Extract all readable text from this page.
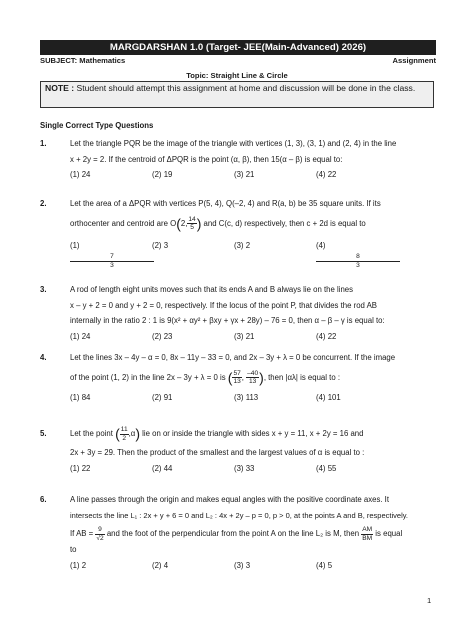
MARGDARSHAN 1.0 (Target- JEE(Main-Advanced) 2026)
SUBJECT: Mathematics	Assignment
Topic: Straight Line & Circle
NOTE : Student should attempt this assignment at home and discussion will be done in the class.
Single Correct Type Questions
1.	Let the triangle PQR be the image of the triangle with vertices (1, 3), (3, 1) and (2, 4) in the line
x + 2y = 2. If the centroid of ΔPQR is the point (α, β), then 15(α – β) is equal to:
(1) 24	(2) 19	(3) 21	(4) 22
2.	Let the area of a ΔPQR with vertices P(5, 4), Q(–2, 4) and R(a, b) be 35 square units. If its
orthocenter and centroid are O(2, $\frac{14}{5}$ ) and C(c, d) respectively, then c + 2d is equal to
(1)
$\frac{7}{3}$
(2) 3	(3) 2	(4)
$\frac{8}{3}$
3.	A rod of length eight units moves such that its ends A and B always lie on the lines
x – y + 2 = 0 and y + 2 = 0, respectively. If the locus of the point P, that divides the rod AB
internally in the ratio 2 : 1 is 9(x² + αy² + βxy + γx + 28y) – 76 = 0, then α – β – γ is equal to:
(1) 24	(2) 23	(3) 21	(4) 22
4.	Let the lines 3x – 4y – α = 0, 8x – 11y – 33 = 0, and 2x – 3y + λ = 0 be concurrent. If the image
of the point (1, 2) in the line 2x – 3y + λ = 0 is ( $\frac{57}{13}$ , $\frac{-40}{13}$ ), then |αλ| is equal to :
(1) 84	(2) 91	(3) 113	(4) 101
5.	Let the point ( $\frac{11}{2} ,\alpha$) lie on or inside the triangle with sides x + y = 11, x + 2y = 16 and
2x + 3y = 29. Then the product of the smallest and the largest values of α is equal to :
(1) 22	(2) 44	(3) 33	(4) 55
6.	A line passes through the origin and makes equal angles with the positive coordinate axes. It
intersects the line L₁ : 2x + y + 6 = 0 and L₂ : 4x + 2y – p = 0, p > 0, at the points A and B, respectively.
If AB = $\frac{9}{√2}$ and the foot of the perpendicular from the point A on the line L₂ is M, then $\frac{AM}{BM}$ is equal
to
(1) 2	(2) 4	(3) 3	(4) 5
1
